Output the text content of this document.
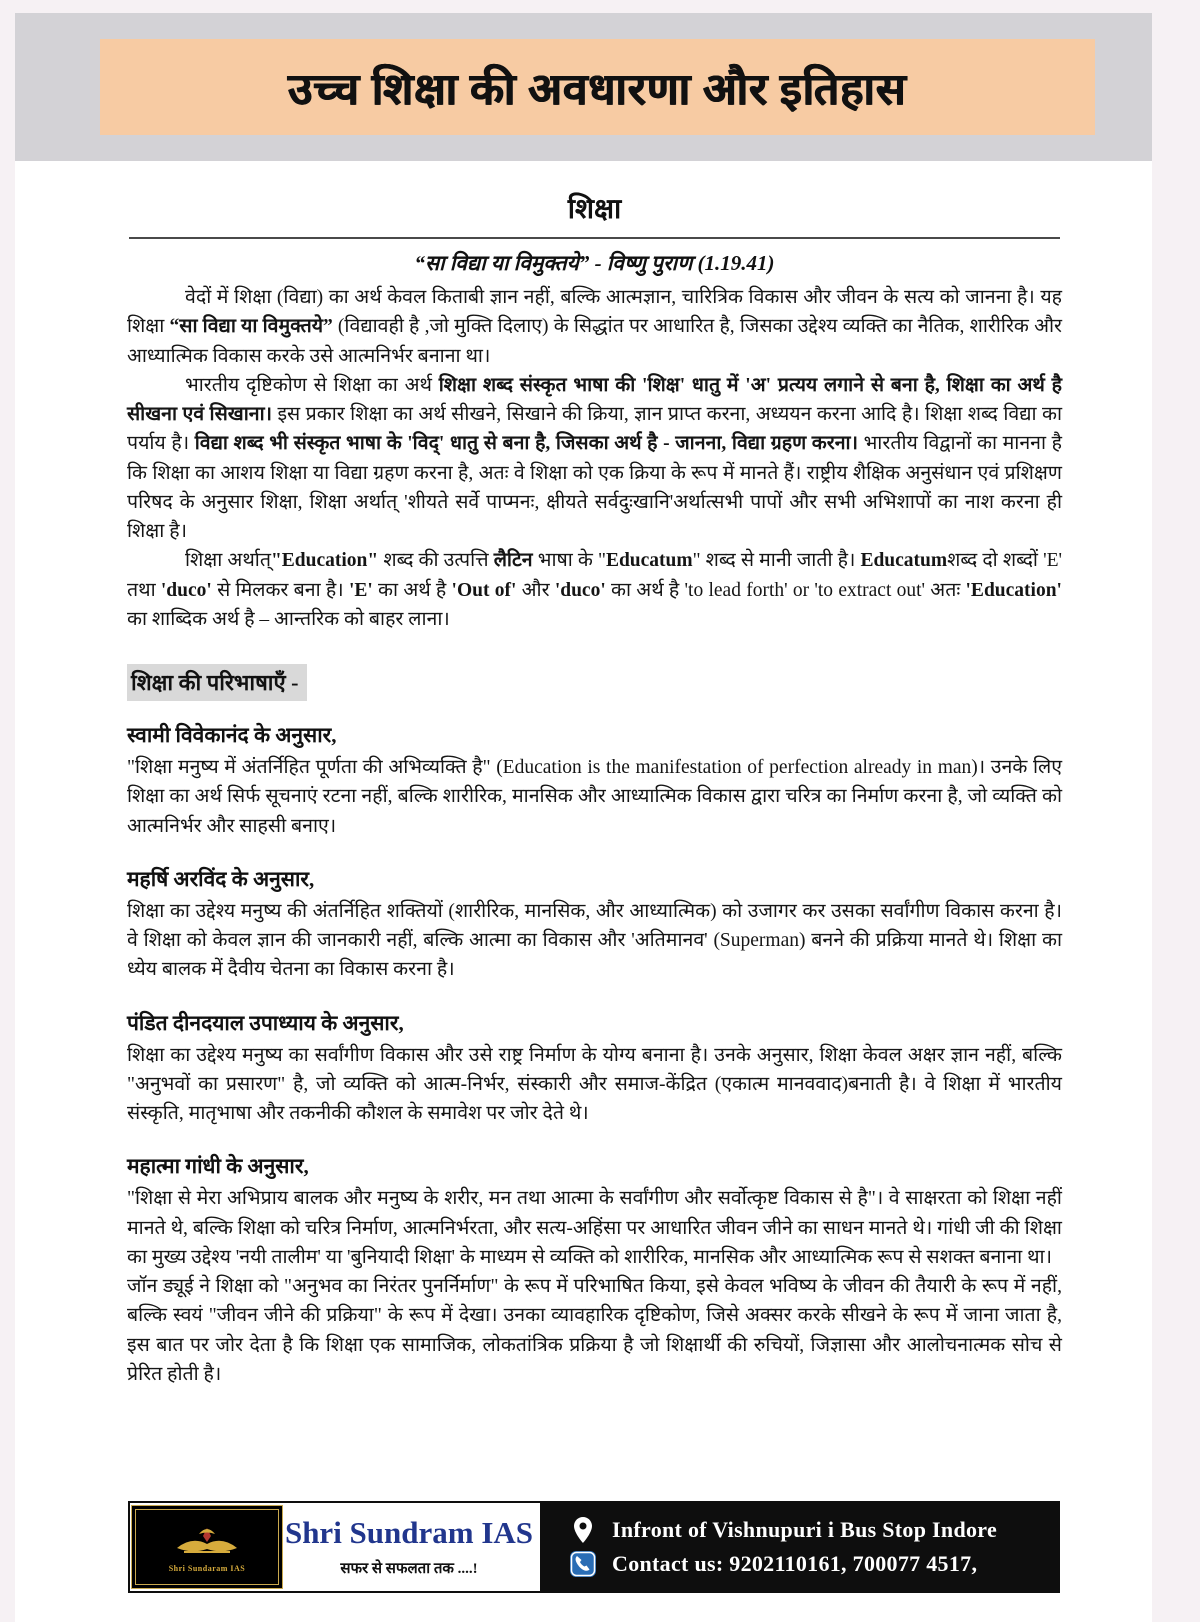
उच्च शिक्षा की अवधारणा और इतिहास
शिक्षा
“सा विद्या या विमुक्तये” - विष्णु पुराण (1.19.41)

वेदों में शिक्षा (विद्या) का अर्थ केवल किताबी ज्ञान नहीं, बल्कि आत्मज्ञान, चारित्रिक विकास और जीवन के सत्य को जानना है। यह शिक्षा “सा विद्या या विमुक्तये” (विद्यावही है ,जो मुक्ति दिलाए) के सिद्धांत पर आधारित है, जिसका उद्देश्य व्यक्ति का नैतिक, शारीरिक और आध्यात्मिक विकास करके उसे आत्मनिर्भर बनाना था।

भारतीय दृष्टिकोण से शिक्षा का अर्थ शिक्षा शब्द संस्कृत भाषा की 'शिक्ष' धातु में 'अ' प्रत्यय लगाने से बना है, शिक्षा का अर्थ है सीखना एवं सिखाना। इस प्रकार शिक्षा का अर्थ सीखने, सिखाने की क्रिया, ज्ञान प्राप्त करना, अध्ययन करना आदि है। शिक्षा शब्द विद्या का पर्याय है। विद्या शब्द भी संस्कृत भाषा के 'विद्' धातु से बना है, जिसका अर्थ है - जानना, विद्या ग्रहण करना। भारतीय विद्वानों का मानना है कि शिक्षा का आशय शिक्षा या विद्या ग्रहण करना है, अतः वे शिक्षा को एक क्रिया के रूप में मानते हैं। राष्ट्रीय शैक्षिक अनुसंधान एवं प्रशिक्षण परिषद के अनुसार शिक्षा, शिक्षा अर्थात् 'शीयते सर्वे पाप्मनः, क्षीयते सर्वदुःखानि'अर्थात्सभी पापों और सभी अभिशापों का नाश करना ही शिक्षा है।

शिक्षा अर्थात्"Education" शब्द की उत्पत्ति लैटिन भाषा के "Educatum" शब्द से मानी जाती है। Educatumशब्द दो शब्दों 'E' तथा 'duco' से मिलकर बना है। 'E' का अर्थ है 'Out of' और 'duco' का अर्थ है 'to lead forth' or 'to extract out' अतः 'Education' का शाब्दिक अर्थ है – आन्तरिक को बाहर लाना।

शिक्षा की परिभाषाएँ -
स्वामी विवेकानंद के अनुसार,

"शिक्षा मनुष्य में अंतर्निहित पूर्णता की अभिव्यक्ति है" (Education is the manifestation of perfection already in man)। उनके लिए शिक्षा का अर्थ सिर्फ सूचनाएं रटना नहीं, बल्कि शारीरिक, मानसिक और आध्यात्मिक विकास द्वारा चरित्र का निर्माण करना है, जो व्यक्ति को आत्मनिर्भर और साहसी बनाए।

महर्षि अरविंद के अनुसार,

शिक्षा का उद्देश्य मनुष्य की अंतर्निहित शक्तियों (शारीरिक, मानसिक, और आध्यात्मिक) को उजागर कर उसका सर्वांगीण विकास करना है। वे शिक्षा को केवल ज्ञान की जानकारी नहीं, बल्कि आत्मा का विकास और 'अतिमानव' (Superman) बनने की प्रक्रिया मानते थे। शिक्षा का ध्येय बालक में दैवीय चेतना का विकास करना है।

पंडित दीनदयाल उपाध्याय के अनुसार,

शिक्षा का उद्देश्य मनुष्य का सर्वांगीण विकास और उसे राष्ट्र निर्माण के योग्य बनाना है। उनके अनुसार, शिक्षा केवल अक्षर ज्ञान नहीं, बल्कि "अनुभवों का प्रसारण" है, जो व्यक्ति को आत्म-निर्भर, संस्कारी और समाज-केंद्रित (एकात्म मानववाद)बनाती है। वे शिक्षा में भारतीय संस्कृति, मातृभाषा और तकनीकी कौशल के समावेश पर जोर देते थे।

महात्मा गांधी के अनुसार,

"शिक्षा से मेरा अभिप्राय बालक और मनुष्य के शरीर, मन तथा आत्मा के सर्वांगीण और सर्वोत्कृष्ट विकास से है"। वे साक्षरता को शिक्षा नहीं मानते थे, बल्कि शिक्षा को चरित्र निर्माण, आत्मनिर्भरता, और सत्य-अहिंसा पर आधारित जीवन जीने का साधन मानते थे। गांधी जी की शिक्षा का मुख्य उद्देश्य 'नयी तालीम' या 'बुनियादी शिक्षा' के माध्यम से व्यक्ति को शारीरिक, मानसिक और आध्यात्मिक रूप से सशक्त बनाना था।

जॉन ड्यूई ने शिक्षा को "अनुभव का निरंतर पुनर्निर्माण" के रूप में परिभाषित किया, इसे केवल भविष्य के जीवन की तैयारी के रूप में नहीं, बल्कि स्वयं "जीवन जीने की प्रक्रिया" के रूप में देखा। उनका व्यावहारिक दृष्टिकोण, जिसे अक्सर करके सीखने के रूप में जाना जाता है, इस बात पर जोर देता है कि शिक्षा एक सामाजिक, लोकतांत्रिक प्रक्रिया है जो शिक्षार्थी की रुचियों, जिज्ञासा और आलोचनात्मक सोच से प्रेरित होती है।

Shri Sundaram IAS
Shri Sundram IAS
सफर से सफलता तक ....!
Infront of Vishnupuri i Bus Stop Indore
Contact us: 9202110161, 700077 4517,
